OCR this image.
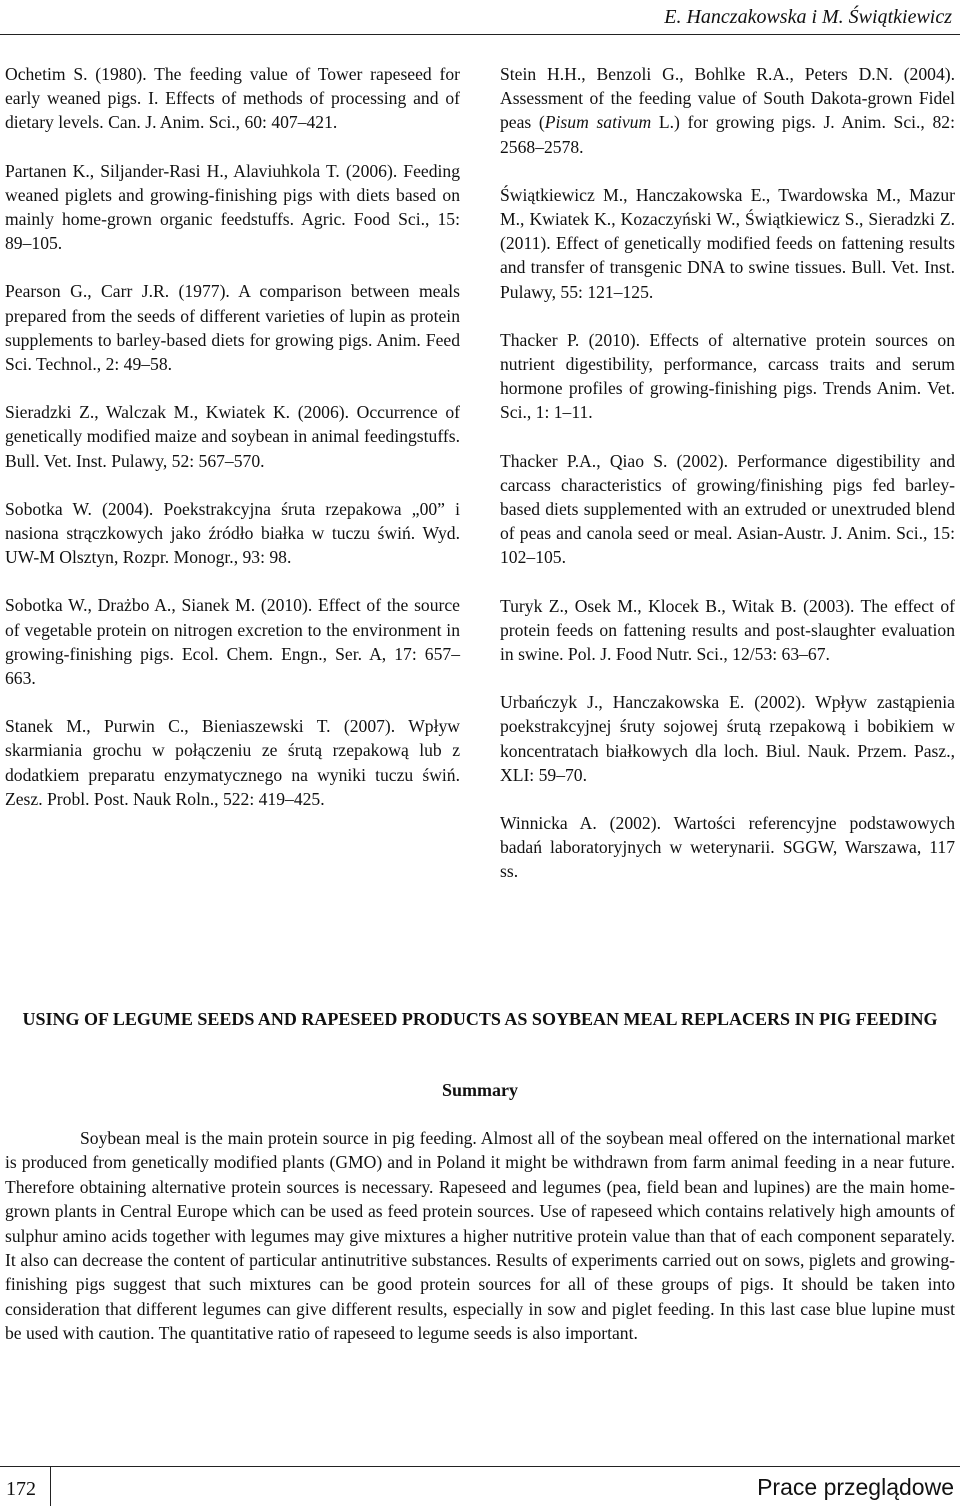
E. Hanczakowska i M. Świątkiewicz

Ochetim S. (1980). The feeding value of Tower rapeseed for early weaned pigs. I. Effects of methods of processing and of dietary levels. Can. J. Anim. Sci., 60: 407‒421.

Partanen K., Siljander-Rasi H., Alaviuhkola T. (2006). Feeding weaned piglets and growing-finishing pigs with diets based on mainly home-grown organic feedstuffs. Agric. Food Sci., 15: 89‒105.

Pearson G., Carr J.R. (1977). A comparison between meals prepared from the seeds of different varieties of lupin as protein supplements to barley-based diets for growing pigs. Anim. Feed Sci. Technol., 2: 49‒58.

Sieradzki Z., Walczak M., Kwiatek K. (2006). Occurrence of genetically modified maize and soybean in animal feedingstuffs. Bull. Vet. Inst. Pulawy, 52: 567‒570.

Sobotka W. (2004). Poekstrakcyjna śruta rzepakowa „00” i nasiona strączkowych jako źródło białka w tuczu świń. Wyd. UW-M Olsztyn, Rozpr. Monogr., 93: 98.

Sobotka W., Drażbo A., Sianek M. (2010). Effect of the source of vegetable protein on nitrogen excretion to the environment in growing-finishing pigs. Ecol. Chem. Engn., Ser. A, 17: 657‒663.

Stanek M., Purwin C., Bieniaszewski T. (2007). Wpływ skarmiania grochu w połączeniu ze śrutą rzepakową lub z dodatkiem preparatu enzymatycznego na wyniki tuczu świń. Zesz. Probl. Post. Nauk Roln., 522: 419‒425.

Stein H.H., Benzoli G., Bohlke R.A., Peters D.N. (2004). Assessment of the feeding value of South Dakota-grown Fidel peas (Pisum sativum L.) for growing pigs. J. Anim. Sci., 82: 2568‒2578.

Świątkiewicz M., Hanczakowska E., Twardowska M., Mazur M., Kwiatek K., Kozaczyński W., Świątkiewicz S., Sieradzki Z. (2011). Effect of genetically modified feeds on fattening results and transfer of transgenic DNA to swine tissues. Bull. Vet. Inst. Pulawy, 55: 121‒125.

Thacker P. (2010). Effects of alternative protein sources on nutrient digestibility, performance, carcass traits and serum hormone profiles of growing-finishing pigs. Trends Anim. Vet. Sci., 1: 1‒11.

Thacker P.A., Qiao S. (2002). Performance digestibility and carcass characteristics of growing/finishing pigs fed barley-based diets supplemented with an extruded or unextruded blend of peas and canola seed or meal. Asian-Austr. J. Anim. Sci., 15: 102‒105.

Turyk Z., Osek M., Klocek B., Witak B. (2003). The effect of protein feeds on fattening results and post-slaughter evaluation in swine. Pol. J. Food Nutr. Sci., 12/53: 63‒67.

Urbańczyk J., Hanczakowska E. (2002). Wpływ zastąpienia poekstrakcyjnej śruty sojowej śrutą rzepakową i bobikiem w koncentratach białkowych dla loch. Biul. Nauk. Przem. Pasz., XLI: 59‒70.

Winnicka A. (2002). Wartości referencyjne podstawowych badań laboratoryjnych w weterynarii. SGGW, Warszawa, 117 ss.

USING OF LEGUME SEEDS AND RAPESEED PRODUCTS AS SOYBEAN MEAL REPLACERS IN PIG FEEDING
Summary

Soybean meal is the main protein source in pig feeding. Almost all of the soybean meal offered on the international market is produced from genetically modified plants (GMO) and in Poland it might be withdrawn from farm animal feeding in a near future. Therefore obtaining alternative protein sources is necessary. Rapeseed and legumes (pea, field bean and lupines) are the main home-grown plants in Central Europe which can be used as feed protein sources. Use of rapeseed which contains relatively high amounts of sulphur amino acids together with legumes may give mixtures a higher nutritive protein value than that of each component separately. It also can decrease the content of particular antinutritive substances. Results of experiments carried out on sows, piglets and growing-finishing pigs suggest that such mixtures can be good protein sources for all of these groups of pigs. It should be taken into consideration that different legumes can give different results, especially in sow and piglet feeding. In this last case blue lupine must be used with caution. The quantitative ratio of rapeseed to legume seeds is also important.

172	Prace przeglądowe
